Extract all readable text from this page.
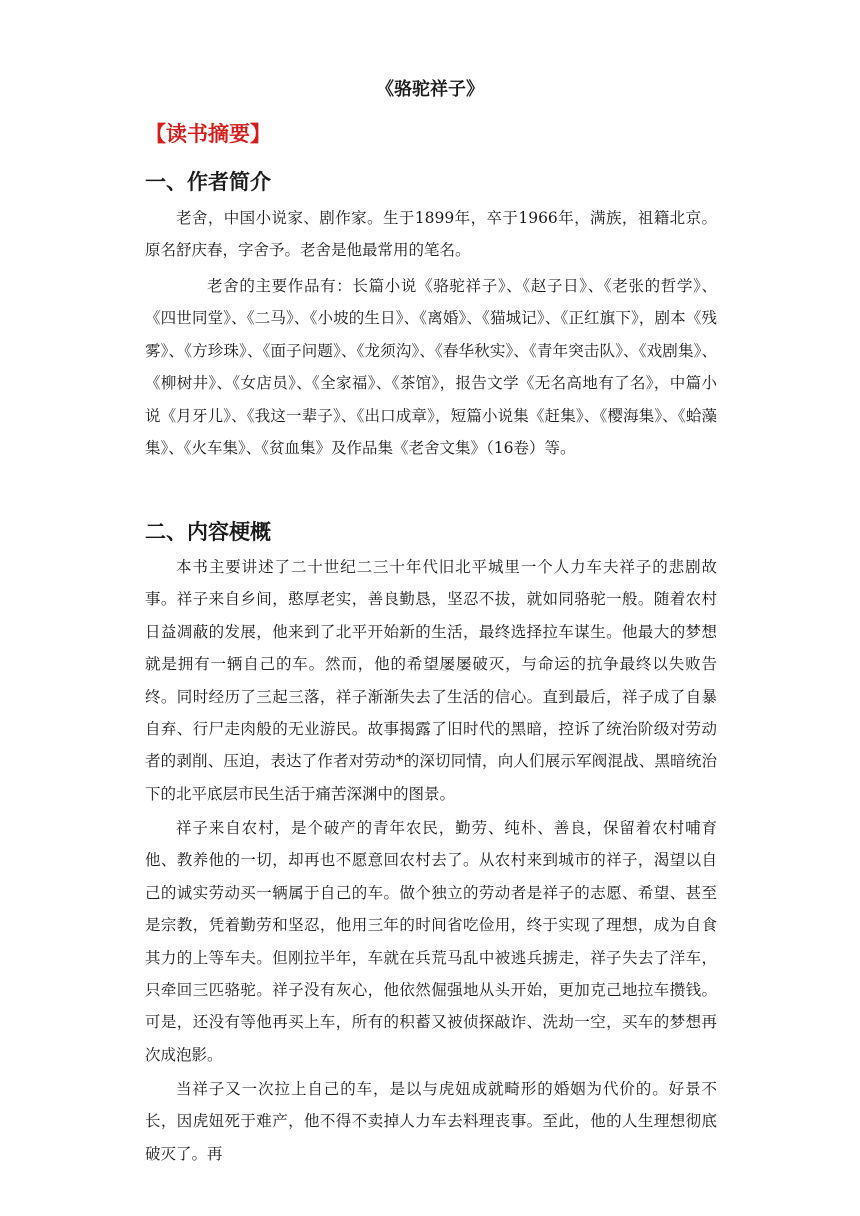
《骆驼祥子》
【读书摘要】
一、作者简介
老舍，中国小说家、剧作家。生于1899年，卒于1966年，满族，祖籍北京。原名舒庆春，字舍予。老舍是他最常用的笔名。
老舍的主要作品有：长篇小说《骆驼祥子》、《赵子日》、《老张的哲学》、《四世同堂》、《二马》、《小坡的生日》、《离婚》、《猫城记》、《正红旗下》，剧本《残雾》、《方珍珠》、《面子问题》、《龙须沟》、《春华秋实》、《青年突击队》、《戏剧集》、《柳树井》、《女店员》、《全家福》、《茶馆》，报告文学《无名高地有了名》，中篇小说《月牙儿》、《我这一辈子》、《出口成章》，短篇小说集《赶集》、《樱海集》、《蛤藻集》、《火车集》、《贫血集》及作品集《老舍文集》（16卷）等。
二、内容梗概
本书主要讲述了二十世纪二三十年代旧北平城里一个人力车夫祥子的悲剧故事。祥子来自乡间，憨厚老实，善良勤恳，坚忍不拔，就如同骆驼一般。随着农村日益凋蔽的发展，他来到了北平开始新的生活，最终选择拉车谋生。他最大的梦想就是拥有一辆自己的车。然而，他的希望屡屡破灭，与命运的抗争最终以失败告终。同时经历了三起三落，祥子渐渐失去了生活的信心。直到最后，祥子成了自暴自弃、行尸走肉般的无业游民。故事揭露了旧时代的黑暗，控诉了统治阶级对劳动者的剥削、压迫，表达了作者对劳动*的深切同情，向人们展示军阀混战、黑暗统治下的北平底层市民生活于痛苦深渊中的图景。
祥子来自农村，是个破产的青年农民，勤劳、纯朴、善良，保留着农村哺育他、教养他的一切，却再也不愿意回农村去了。从农村来到城市的祥子，渴望以自己的诚实劳动买一辆属于自己的车。做个独立的劳动者是祥子的志愿、希望、甚至是宗教，凭着勤劳和坚忍，他用三年的时间省吃俭用，终于实现了理想，成为自食其力的上等车夫。但刚拉半年，车就在兵荒马乱中被逃兵掳走，祥子失去了洋车，只牵回三匹骆驼。祥子没有灰心，他依然倔强地从头开始，更加克己地拉车攒钱。可是，还没有等他再买上车，所有的积蓄又被侦探敲诈、洗劫一空，买车的梦想再次成泡影。
当祥子又一次拉上自己的车，是以与虎妞成就畸形的婚姻为代价的。好景不长，因虎妞死于难产，他不得不卖掉人力车去料理丧事。至此，他的人生理想彻底破灭了。再
